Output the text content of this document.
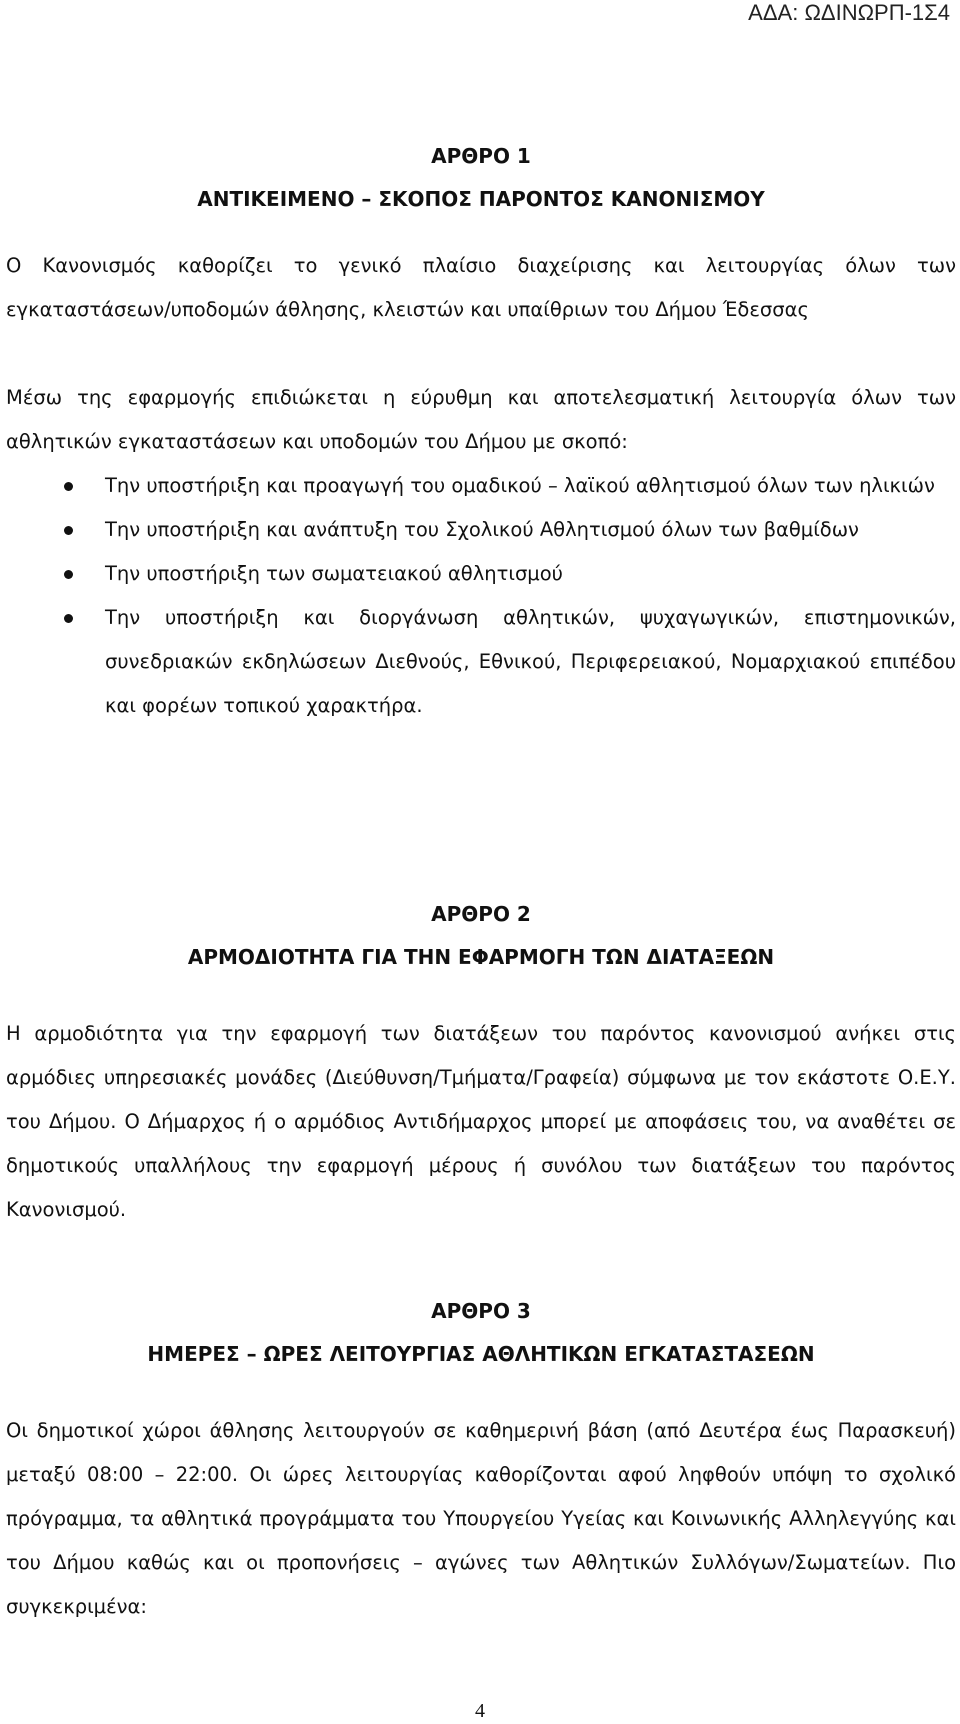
ΑΔΑ: ΩΔΙΝΩΡΠ-1Σ4
ΑΡΘΡΟ 1
ΑΝΤΙΚΕΙΜΕΝΟ – ΣΚΟΠΟΣ ΠΑΡΟΝΤΟΣ ΚΑΝΟΝΙΣΜΟΥ

Ο Κανονισμός καθορίζει το γενικό πλαίσιο διαχείρισης και λειτουργίας όλων των εγκαταστάσεων/υποδομών άθλησης, κλειστών και υπαίθριων του Δήμου Έδεσσας

Μέσω της εφαρμογής επιδιώκεται η εύρυθμη και αποτελεσματική λειτουργία όλων των αθλητικών εγκαταστάσεων και υποδομών του Δήμου με σκοπό:

Την υποστήριξη και προαγωγή του ομαδικού – λαϊκού αθλητισμού όλων των ηλικιών
Την υποστήριξη και ανάπτυξη του Σχολικού Αθλητισμού όλων των βαθμίδων
Την υποστήριξη των σωματειακού αθλητισμού
Την υποστήριξη και διοργάνωση αθλητικών, ψυχαγωγικών, επιστημονικών, συνεδριακών εκδηλώσεων Διεθνούς, Εθνικού, Περιφερειακού, Νομαρχιακού επιπέδου και φορέων τοπικού χαρακτήρα.
ΑΡΘΡΟ 2
ΑΡΜΟΔΙΟΤΗΤΑ ΓΙΑ ΤΗΝ ΕΦΑΡΜΟΓΗ ΤΩΝ ΔΙΑΤΑΞΕΩΝ

Η αρμοδιότητα για την εφαρμογή των διατάξεων του παρόντος κανονισμού ανήκει στις αρμόδιες υπηρεσιακές μονάδες (Διεύθυνση/Τμήματα/Γραφεία) σύμφωνα με τον εκάστοτε Ο.Ε.Υ. του Δήμου. Ο Δήμαρχος ή ο αρμόδιος Αντιδήμαρχος μπορεί με αποφάσεις του, να αναθέτει σε δημοτικούς υπαλλήλους την εφαρμογή μέρους ή συνόλου των διατάξεων του παρόντος Κανονισμού.

ΑΡΘΡΟ 3
ΗΜΕΡΕΣ – ΩΡΕΣ ΛΕΙΤΟΥΡΓΙΑΣ ΑΘΛΗΤΙΚΩΝ ΕΓΚΑΤΑΣΤΑΣΕΩΝ

Οι δημοτικοί χώροι άθλησης λειτουργούν σε καθημερινή βάση (από Δευτέρα έως Παρασκευή) μεταξύ 08:00 – 22:00. Οι ώρες λειτουργίας καθορίζονται αφού ληφθούν υπόψη το σχολικό πρόγραμμα, τα αθλητικά προγράμματα του Υπουργείου Υγείας και Κοινωνικής Αλληλεγγύης και του Δήμου καθώς και οι προπονήσεις – αγώνες των Αθλητικών Συλλόγων/Σωματείων. Πιο συγκεκριμένα:

4
